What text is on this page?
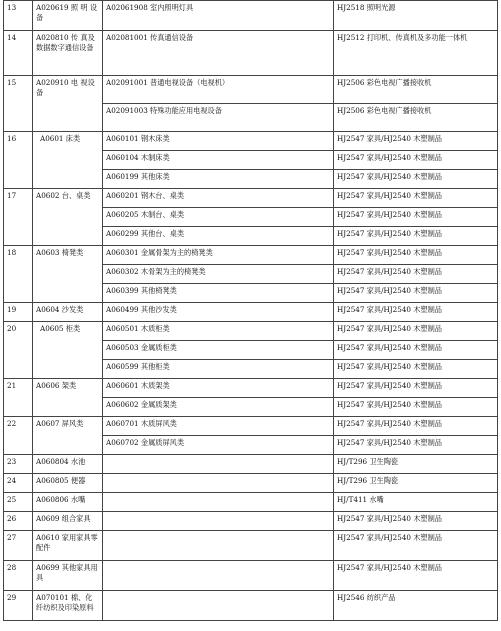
13	A020619 照 明 设备	A02061908 室内照明灯具	HJ2518 照明光源
14	A020810 传 真及数据数字通信设备	A02081001 传真通信设备	HJ2512 打印机、传真机及多功能一体机
15	A020910 电 视设备	A02091001 普通电视设备（电视机）	HJ2506 彩色电视广播接收机
		A02091003 特殊功能应用电视设备	HJ2506 彩色电视广播接收机
16	A0601 床类	A060101 钢木床类	HJ2547 家具/HJ2540 木塑制品
		A060104 木制床类	HJ2547 家具/HJ2540 木塑制品
		A060199 其他床类	HJ2547 家具/HJ2540 木塑制品
17	A0602 台、桌类	A060201 钢木台、桌类	HJ2547 家具/HJ2540 木塑制品
		A060205 木制台、桌类	HJ2547 家具/HJ2540 木塑制品
		A060299 其他台、桌类	HJ2547 家具/HJ2540 木塑制品
18	A0603 椅凳类	A060301 金属骨架为主的椅凳类	HJ2547 家具/HJ2540 木塑制品
		A060302 木骨架为主的椅凳类	HJ2547 家具/HJ2540 木塑制品
		A060399 其他椅凳类	HJ2547 家具/HJ2540 木塑制品
19	A0604 沙发类	A060499 其他沙发类	HJ2547 家具/HJ2540 木塑制品
20	A0605 柜类	A060501 木质柜类	HJ2547 家具/HJ2540 木塑制品
		A060503 金属质柜类	HJ2547 家具/HJ2540 木塑制品
		A060599 其他柜类	HJ2547 家具/HJ2540 木塑制品
21	A0606 架类	A060601 木质架类	HJ2547 家具/HJ2540 木塑制品
		A060602 金属质架类	HJ2547 家具/HJ2540 木塑制品
22	A0607 屏风类	A060701 木质屏风类	HJ2547 家具/HJ2540 木塑制品
		A060702 金属质屏风类	HJ2547 家具/HJ2540 木塑制品
23	A060804 水池		HJ/T296 卫生陶瓷
24	A060805 便器		HJ/T296 卫生陶瓷
25	A060806 水嘴		HJ/T411 水嘴
26	A0609 组合家具		HJ2547 家具/HJ2540 木塑制品
27	A0610 家用家具零配件		HJ2547 家具/HJ2540 木塑制品
28	A0699 其他家具用具		HJ2547 家具/HJ2540 木塑制品
29	A070101 棉、化纤纺织及印染原料		HJ2546 纺织产品
